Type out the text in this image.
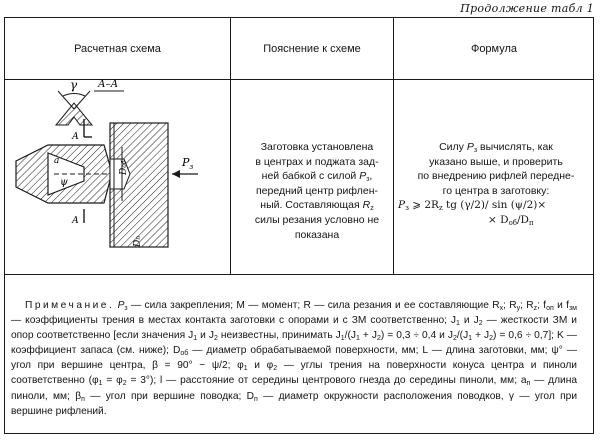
Продолжение табл 1
Расчетная схема	Пояснение к схеме	Формула
Заготовка установлена
в центрах и поджата зад-
ней бабкой с силой $P_з$,
передний центр рифлен-
ный. Составляющая $R_z$
силы резания условно не
показана
Силу $P_з$ вычислять, как
указано выше, и проверить
по внедрению рифлей передне-
го центра в заготовку:
$P_з$ ⩾ $2R_z$ tg (γ/2)/ sin (ψ/2)×
× $D_{об}/D_п$

Примечание. $P_з$ — сила закрепления; M — момент; R — сила резания и ее составляющие $R_x$; $R_y$; $R_z$; $f_{оп}$ и $f_{зм}$ — коэффициенты трения в местах контакта заготовки с опорами и с ЗМ соответственно; $J_1$ и $J_2$ — жесткости ЗМ и опор соответственно [если значения $J_1$ и $J_2$ неизвестны, принимать $J_1/(J_1 + J_2) = 0,3 \div 0,4$ и $J_2/(J_1 + J_2) = 0,6 \div 0,7$]; K — коэффициент запаса (см. ниже); $D_{об}$ — диаметр обрабатываемой поверхности, мм; L — длина заготовки, мм; ψ° — угол при вершине центра, β = 90° − ψ/2; $\varphi_1$ и $\varphi_2$ — углы трения на поверхности конуса центра и пиноли соответственно $(\varphi_1 = \varphi_2 = 3^\circ)$; l — расстояние от середины центрового гнезда до середины пиноли, мм; $a_п$ — длина пиноли, мм; $\beta_п$ — угол при вершине поводка; $D_п$ — диаметр окружности расположения поводков, γ — угол при вершине рифлений.

γ А–А
а
ψ
А
А
Dоб
Dп
$P_з$
